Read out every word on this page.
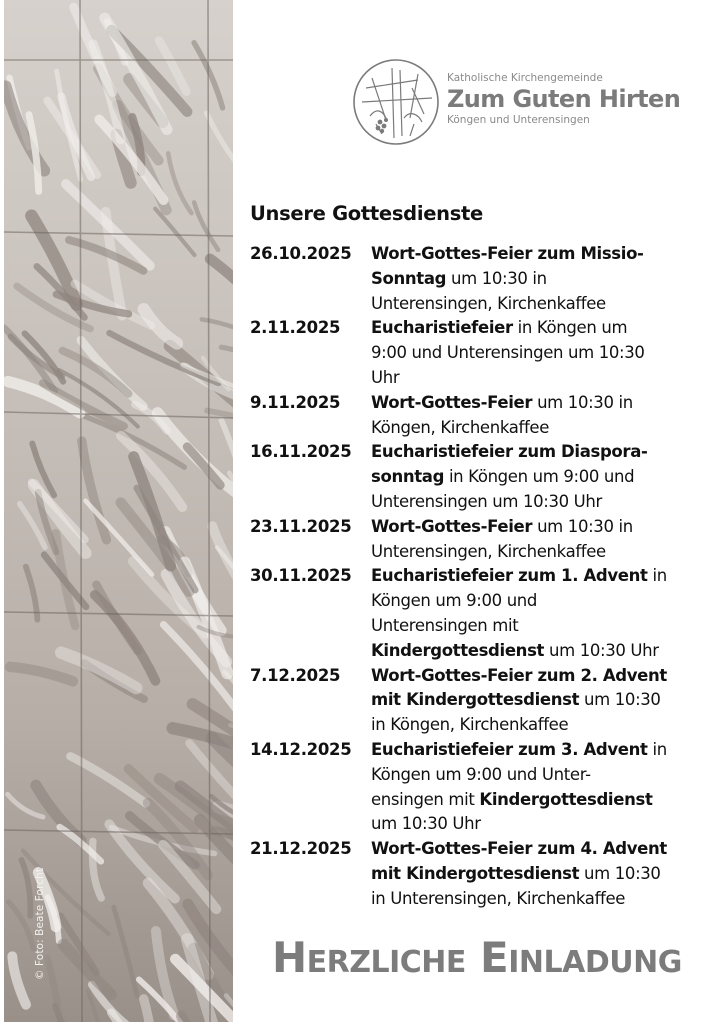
© Foto: Beate Forcht
Katholische Kirchengemeinde
Zum Guten Hirten
Köngen und Unterensingen
Unsere Gottesdienste
26.10.2025	Wort-Gottes-Feier zum Missio-
Sonntag um 10:30 in
Unterensingen, Kirchenkaffee
2.11.2025	Eucharistiefeier in Köngen um
9:00 und Unterensingen um 10:30
Uhr
9.11.2025	Wort-Gottes-Feier um 10:30 in
Köngen, Kirchenkaffee
16.11.2025	Eucharistiefeier zum Diaspora-
sonntag in Köngen um 9:00 und
Unterensingen um 10:30 Uhr
23.11.2025	Wort-Gottes-Feier um 10:30 in
Unterensingen, Kirchenkaffee
30.11.2025	Eucharistiefeier zum 1. Advent in
Köngen um 9:00 und
Unterensingen mit
Kindergottesdienst um 10:30 Uhr
7.12.2025	Wort-Gottes-Feier zum 2. Advent
mit Kindergottesdienst um 10:30
in Köngen, Kirchenkaffee
14.12.2025	Eucharistiefeier zum 3. Advent in
Köngen um 9:00 und Unter-
ensingen mit Kindergottesdienst
um 10:30 Uhr
21.12.2025	Wort-Gottes-Feier zum 4. Advent
mit Kindergottesdienst um 10:30
in Unterensingen, Kirchenkaffee
HERZLICHE EINLADUNG
